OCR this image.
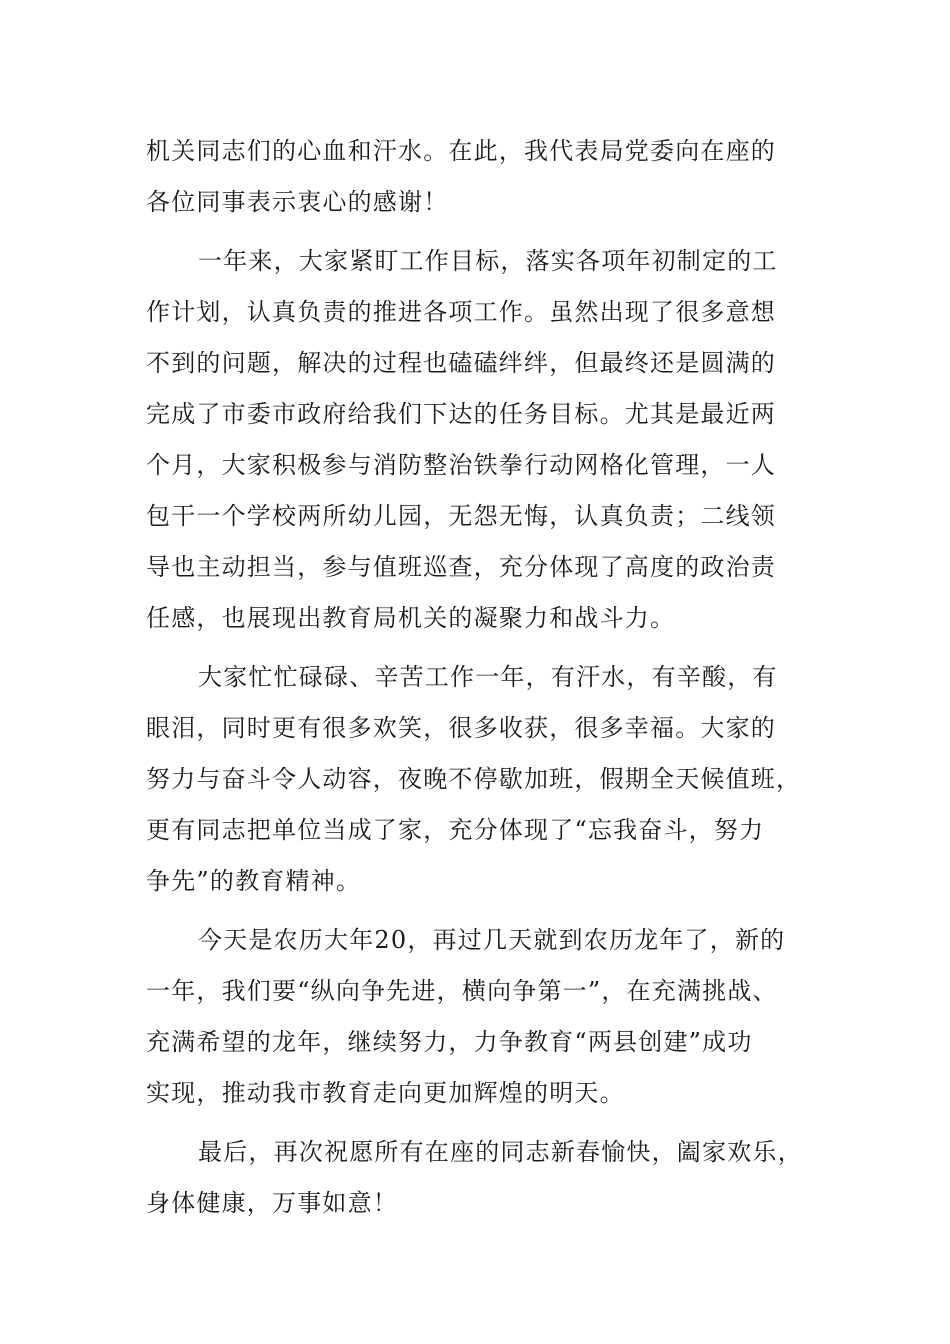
机关同志们的心血和汗水。在此，我代表局党委向在座的
各位同事表示衷心的感谢！
一年来，大家紧盯工作目标，落实各项年初制定的工
作计划，认真负责的推进各项工作。虽然出现了很多意想
不到的问题，解决的过程也磕磕绊绊，但最终还是圆满的
完成了市委市政府给我们下达的任务目标。尤其是最近两
个月，大家积极参与消防整治铁拳行动网格化管理，一人
包干一个学校两所幼儿园，无怨无悔，认真负责；二线领
导也主动担当，参与值班巡查，充分体现了高度的政治责
任感，也展现出教育局机关的凝聚力和战斗力。
大家忙忙碌碌、辛苦工作一年，有汗水，有辛酸，有
眼泪，同时更有很多欢笑，很多收获，很多幸福。大家的
努力与奋斗令人动容，夜晚不停歇加班，假期全天候值班，
更有同志把单位当成了家，充分体现了“忘我奋斗，努力
争先”的教育精神。
今天是农历大年20，再过几天就到农历龙年了，新的
一年，我们要“纵向争先进，横向争第一”，在充满挑战、
充满希望的龙年，继续努力，力争教育“两县创建”成功
实现，推动我市教育走向更加辉煌的明天。
最后，再次祝愿所有在座的同志新春愉快，阖家欢乐，
身体健康，万事如意！
